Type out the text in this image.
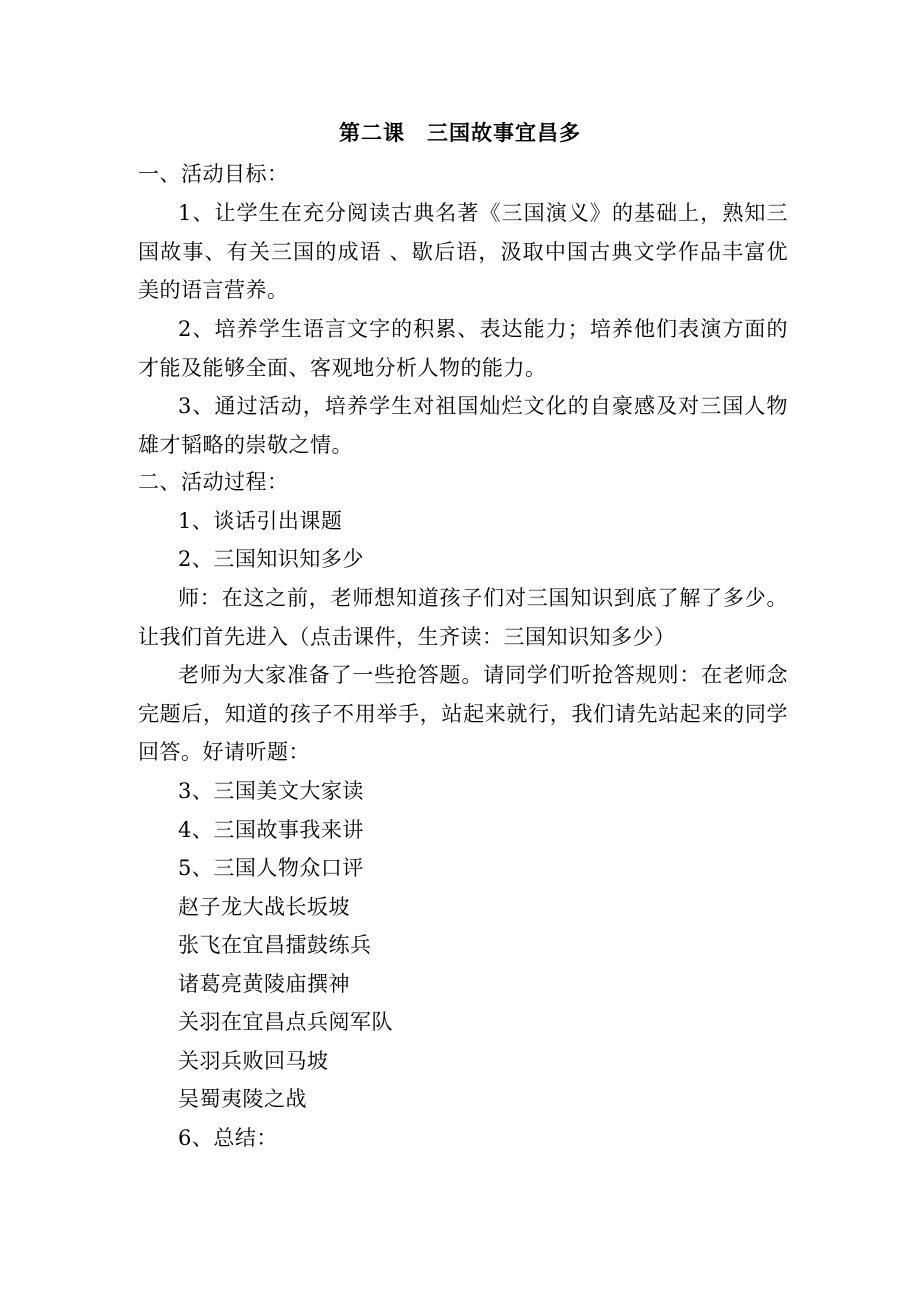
第二课　三国故事宜昌多
一、活动目标：
1、让学生在充分阅读古典名著《三国演义》的基础上，熟知三国故事、有关三国的成语 、歇后语，汲取中国古典文学作品丰富优美的语言营养。
2、培养学生语言文字的积累、表达能力；培养他们表演方面的才能及能够全面、客观地分析人物的能力。
3、通过活动，培养学生对祖国灿烂文化的自豪感及对三国人物雄才韬略的崇敬之情。
二、活动过程：
1、谈话引出课题
2、三国知识知多少
师：在这之前，老师想知道孩子们对三国知识到底了解了多少。让我们首先进入（点击课件，生齐读：三国知识知多少）
老师为大家准备了一些抢答题。请同学们听抢答规则：在老师念完题后，知道的孩子不用举手，站起来就行，我们请先站起来的同学回答。好请听题：
3、三国美文大家读
4、三国故事我来讲
5、三国人物众口评
赵子龙大战长坂坡
张飞在宜昌擂鼓练兵
诸葛亮黄陵庙撰神
关羽在宜昌点兵阅军队
关羽兵败回马坡
吴蜀夷陵之战
6、总结：
